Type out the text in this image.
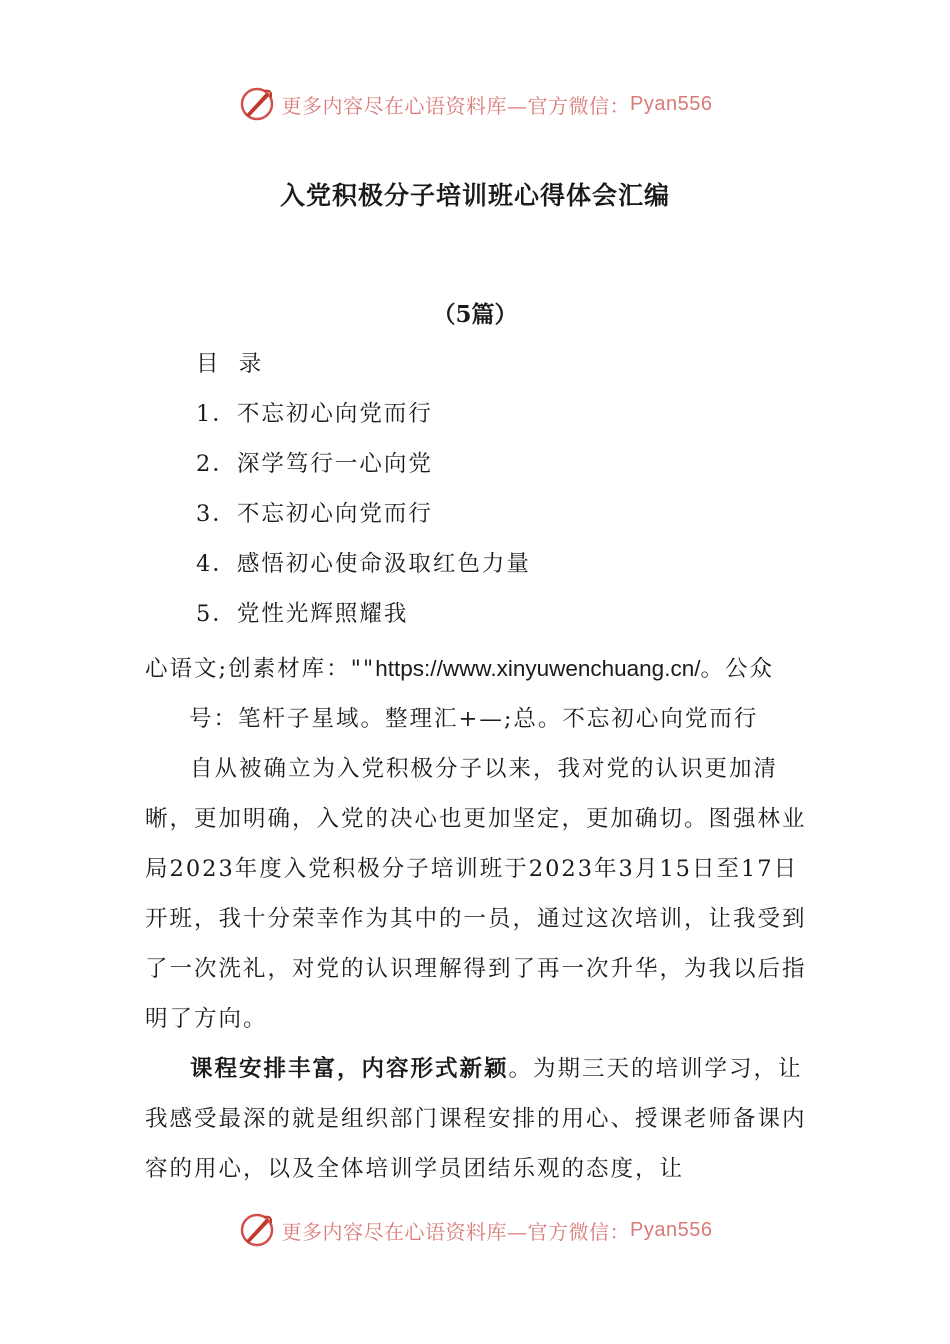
更多内容尽在心语资料库—官方微信： Pyan556
入党积极分子培训班心得体会汇编
（5篇）
目  录
1．不忘初心向党而行
2．深学笃行一心向党
3．不忘初心向党而行
4．感悟初心使命汲取红色力量
5．党性光辉照耀我

心语文;创素材库：""https://www.xinyuwenchuang.cn/。公众

号：笔杆子星域。整理汇+—;总。不忘初心向党而行

自从被确立为入党积极分子以来，我对党的认识更加清晰，更加明确，入党的决心也更加坚定，更加确切。图强林业局2023年度入党积极分子培训班于2023年3月15日至17日开班，我十分荣幸作为其中的一员，通过这次培训，让我受到了一次洗礼，对党的认识理解得到了再一次升华，为我以后指明了方向。

课程安排丰富，内容形式新颖。为期三天的培训学习，让我感受最深的就是组织部门课程安排的用心、授课老师备课内容的用心，以及全体培训学员团结乐观的态度，让

更多内容尽在心语资料库—官方微信： Pyan556
